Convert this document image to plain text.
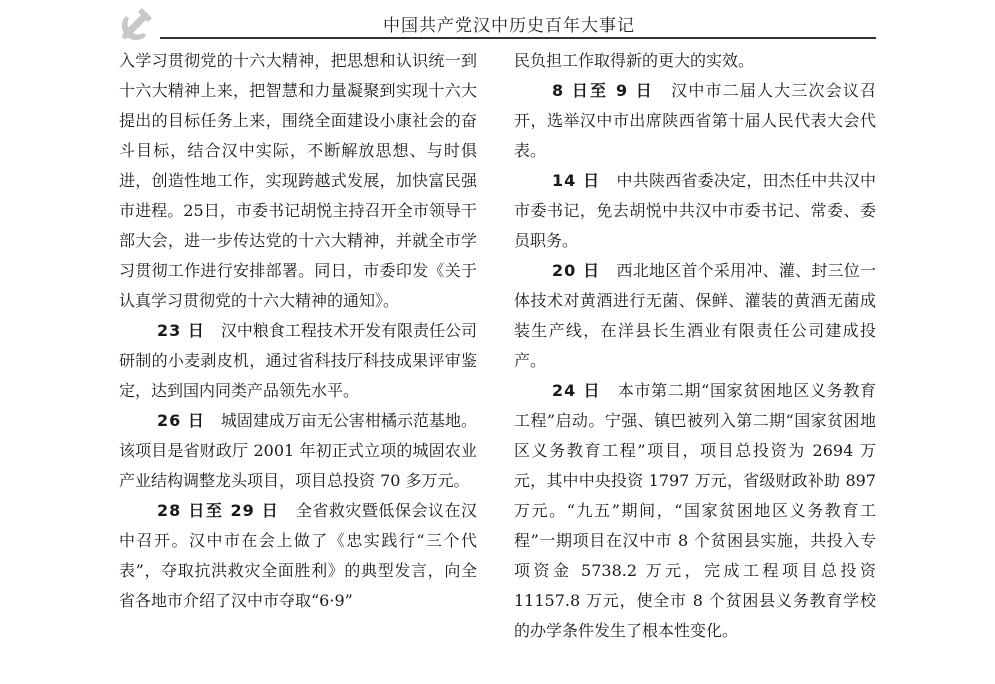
中国共产党汉中历史百年大事记

入学习贯彻党的十六大精神，把思想和认识统一到十六大精神上来，把智慧和力量凝聚到实现十六大提出的目标任务上来，围绕全面建设小康社会的奋斗目标，结合汉中实际，不断解放思想、与时俱进，创造性地工作，实现跨越式发展，加快富民强市进程。25日，市委书记胡悦主持召开全市领导干部大会，进一步传达党的十六大精神，并就全市学习贯彻工作进行安排部署。同日，市委印发《关于认真学习贯彻党的十六大精神的通知》。

23 日 汉中粮食工程技术开发有限责任公司研制的小麦剥皮机，通过省科技厅科技成果评审鉴定，达到国内同类产品领先水平。

26 日 城固建成万亩无公害柑橘示范基地。该项目是省财政厅 2001 年初正式立项的城固农业产业结构调整龙头项目，项目总投资 70 多万元。

28 日至 29 日 全省救灾暨低保会议在汉中召开。汉中市在会上做了《忠实践行“三个代表”，夺取抗洪救灾全面胜利》的典型发言，向全省各地市介绍了汉中市夺取“6·9”

民负担工作取得新的更大的实效。

8 日至 9 日 汉中市二届人大三次会议召开，选举汉中市出席陕西省第十届人民代表大会代表。

14 日 中共陕西省委决定，田杰任中共汉中市委书记，免去胡悦中共汉中市委书记、常委、委员职务。

20 日 西北地区首个采用冲、灌、封三位一体技术对黄酒进行无菌、保鲜、灌装的黄酒无菌成装生产线，在洋县长生酒业有限责任公司建成投产。

24 日 本市第二期“国家贫困地区义务教育工程”启动。宁强、镇巴被列入第二期“国家贫困地区义务教育工程”项目，项目总投资为 2694 万元，其中中央投资 1797 万元，省级财政补助 897 万元。“九五”期间，“国家贫困地区义务教育工程”一期项目在汉中市 8 个贫困县实施，共投入专项资金 5738.2 万元，完成工程项目总投资 11157.8 万元，使全市 8 个贫困县义务教育学校的办学条件发生了根本性变化。
